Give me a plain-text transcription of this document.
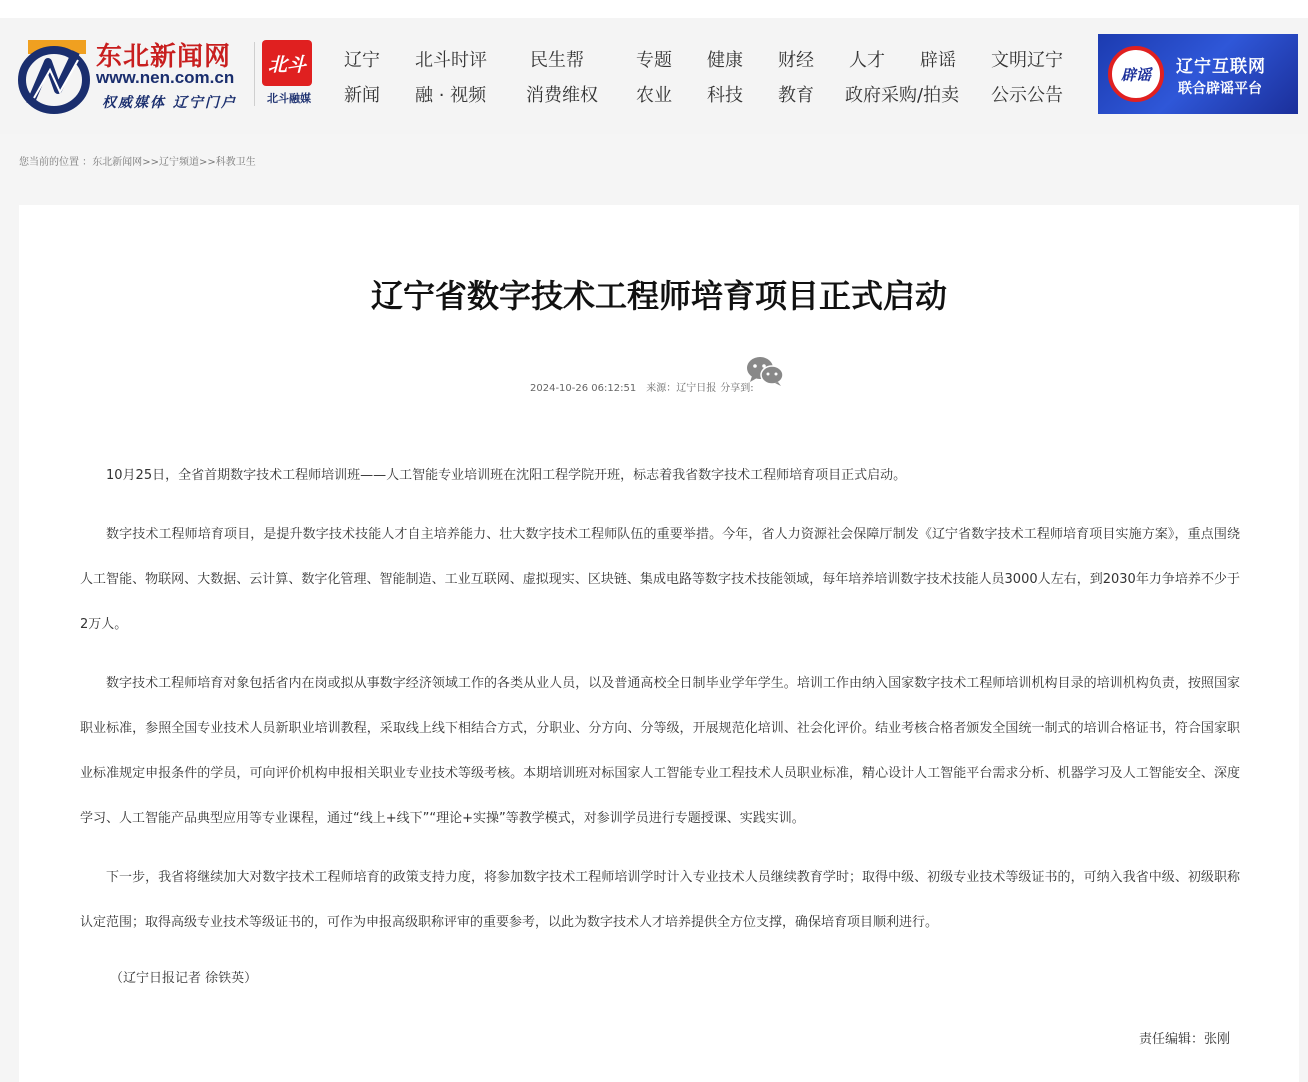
东北新闻网
www.nen.com.cn
权威媒体 辽宁门户
北斗
北斗融媒
辽宁 北斗时评 民生帮	专题 健康 财经 人才 辟谣 文明辽宁
新闻 融 · 视频 消费维权 农业 科技 教育 政府采购/拍卖 公示公告
辟谣	辽宁互联网
联合辟谣平台
您当前的位置 ：东北新闻网>>辽宁频道>>科教卫生
辽宁省数字技术工程师培育项目正式启动
2024-10-26 06:12:51 来源：辽宁日报 分享到:

10月25日，全省首期数字技术工程师培训班——人工智能专业培训班在沈阳工程学院开班，标志着我省数字技术工程师培育项目正式启动。

数字技术工程师培育项目，是提升数字技术技能人才自主培养能力、壮大数字技术工程师队伍的重要举措。今年，省人力资源社会保障厅制发《辽宁省数字技术工程师培育项目实施方案》，重点围绕人工智能、物联网、大数据、云计算、数字化管理、智能制造、工业互联网、虚拟现实、区块链、集成电路等数字技术技能领域，每年培养培训数字技术技能人员3000人左右，到2030年力争培养不少于2万人。

数字技术工程师培育对象包括省内在岗或拟从事数字经济领域工作的各类从业人员，以及普通高校全日制毕业学年学生。培训工作由纳入国家数字技术工程师培训机构目录的培训机构负责，按照国家职业标准，参照全国专业技术人员新职业培训教程，采取线上线下相结合方式，分职业、分方向、分等级，开展规范化培训、社会化评价。结业考核合格者颁发全国统一制式的培训合格证书，符合国家职业标准规定申报条件的学员，可向评价机构申报相关职业专业技术等级考核。本期培训班对标国家人工智能专业工程技术人员职业标准，精心设计人工智能平台需求分析、机器学习及人工智能安全、深度学习、人工智能产品典型应用等专业课程，通过“线上+线下”“理论+实操”等教学模式，对参训学员进行专题授课、实践实训。

下一步，我省将继续加大对数字技术工程师培育的政策支持力度，将参加数字技术工程师培训学时计入专业技术人员继续教育学时；取得中级、初级专业技术等级证书的，可纳入我省中级、初级职称认定范围；取得高级专业技术等级证书的，可作为申报高级职称评审的重要参考，以此为数字技术人才培养提供全方位支撑，确保培育项目顺利进行。

（辽宁日报记者 徐铁英）
责任编辑：张刚
